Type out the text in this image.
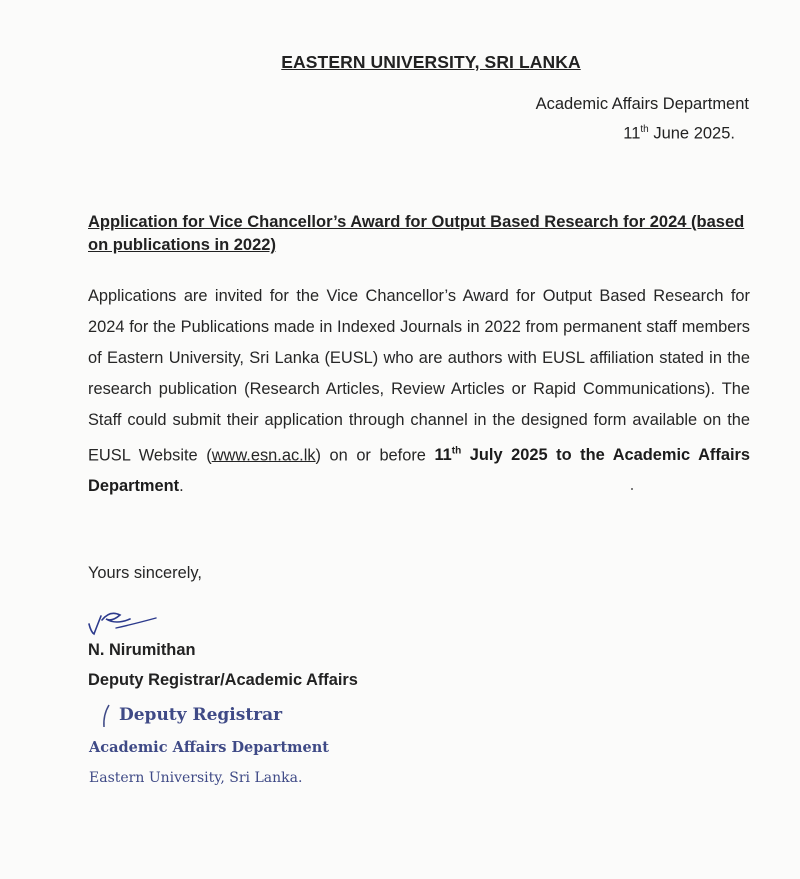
EASTERN UNIVERSITY, SRI LANKA
Academic Affairs Department
11th June 2025.
Application for Vice Chancellor’s Award for Output Based Research for 2024 (based on publications in 2022)
Applications are invited for the Vice Chancellor’s Award for Output Based Research for 2024 for the Publications made in Indexed Journals in 2022 from permanent staff members of Eastern University, Sri Lanka (EUSL) who are authors with EUSL affiliation stated in the research publication (Research Articles, Review Articles or Rapid Communications). The Staff could submit their application through channel in the designed form available on the EUSL Website (www.esn.ac.lk) on or before 11th July 2025 to the Academic Affairs Department.
Yours sincerely,
N. Nirumithan
Deputy Registrar/Academic Affairs
Deputy Registrar
Academic Affairs Department
Eastern University, Sri Lanka.
